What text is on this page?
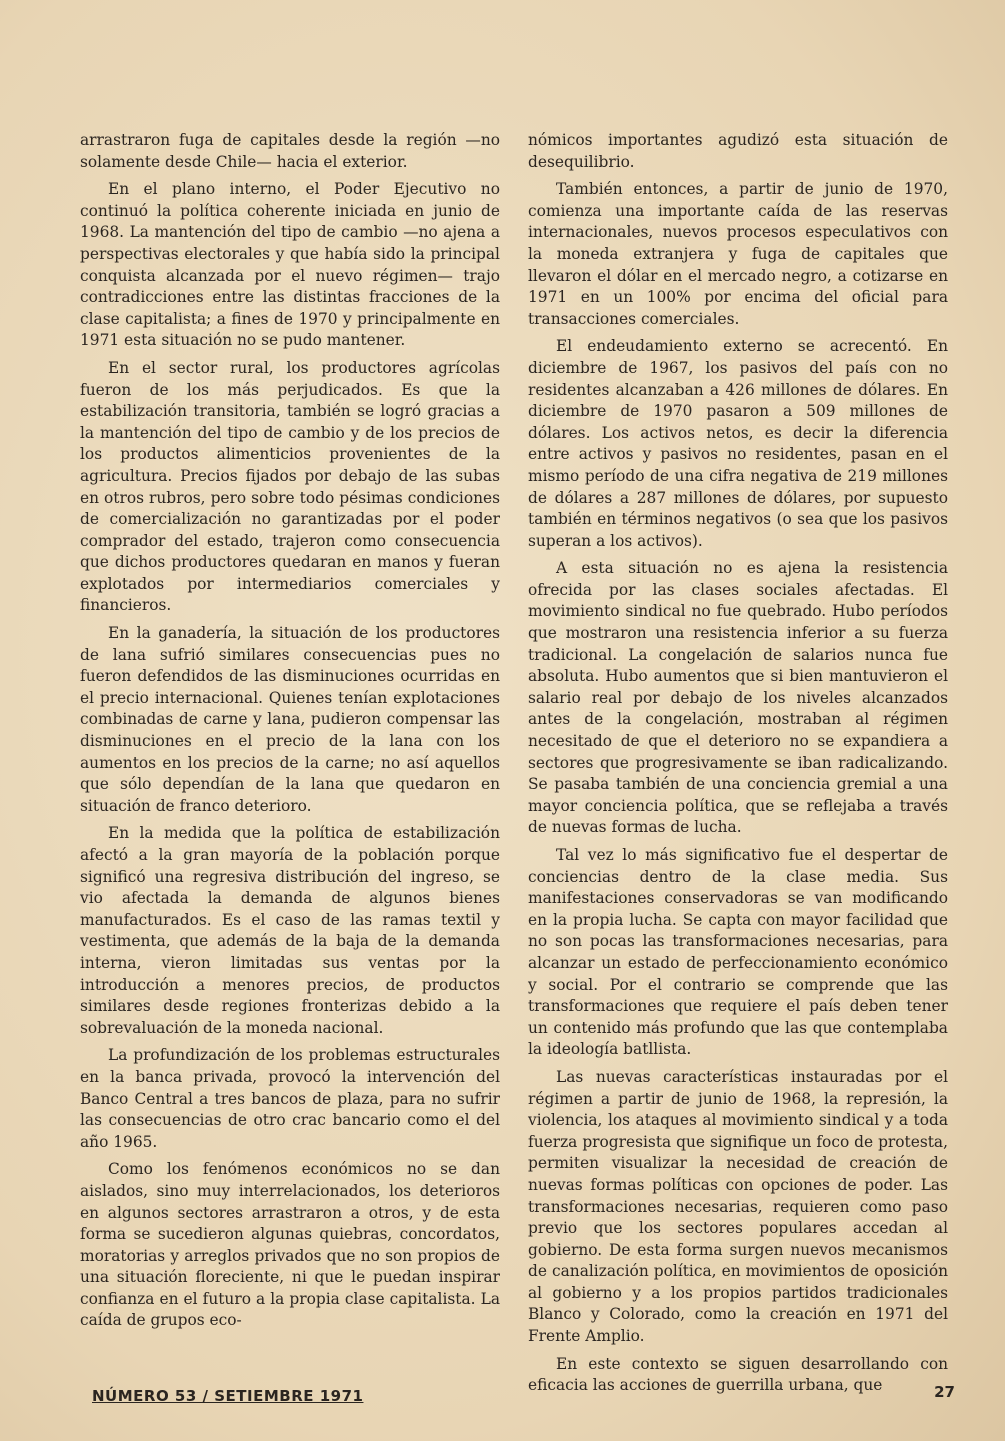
arrastraron fuga de capitales desde la región —no solamente desde Chile— hacia el exterior.

En el plano interno, el Poder Ejecutivo no continuó la política coherente iniciada en junio de 1968. La mantención del tipo de cambio —no ajena a perspectivas electorales y que había sido la principal conquista alcanzada por el nuevo régimen— trajo contradicciones entre las distintas fracciones de la clase capitalista; a fines de 1970 y principalmente en 1971 esta situación no se pudo mantener.

En el sector rural, los productores agrícolas fueron de los más perjudicados. Es que la estabilización transitoria, también se logró gracias a la mantención del tipo de cambio y de los precios de los productos alimenticios provenientes de la agricultura. Precios fijados por debajo de las subas en otros rubros, pero sobre todo pésimas condiciones de comercialización no garantizadas por el poder comprador del estado, trajeron como consecuencia que dichos productores quedaran en manos y fueran explotados por intermediarios comerciales y financieros.

En la ganadería, la situación de los productores de lana sufrió similares consecuencias pues no fueron defendidos de las disminuciones ocurridas en el precio internacional. Quienes tenían explotaciones combinadas de carne y lana, pudieron compensar las disminuciones en el precio de la lana con los aumentos en los precios de la carne; no así aquellos que sólo dependían de la lana que quedaron en situación de franco deterioro.

En la medida que la política de estabilización afectó a la gran mayoría de la población porque significó una regresiva distribución del ingreso, se vio afectada la demanda de algunos bienes manufacturados. Es el caso de las ramas textil y vestimenta, que además de la baja de la demanda interna, vieron limitadas sus ventas por la introducción a menores precios, de productos similares desde regiones fronterizas debido a la sobrevaluación de la moneda nacional.

La profundización de los problemas estructurales en la banca privada, provocó la intervención del Banco Central a tres bancos de plaza, para no sufrir las consecuencias de otro crac bancario como el del año 1965.

Como los fenómenos económicos no se dan aislados, sino muy interrelacionados, los deterioros en algunos sectores arrastraron a otros, y de esta forma se sucedieron algunas quiebras, concordatos, moratorias y arreglos privados que no son propios de una situación floreciente, ni que le puedan inspirar confianza en el futuro a la propia clase capitalista. La caída de grupos eco-

nómicos importantes agudizó esta situación de desequilibrio.

También entonces, a partir de junio de 1970, comienza una importante caída de las reservas internacionales, nuevos procesos especulativos con la moneda extranjera y fuga de capitales que llevaron el dólar en el mercado negro, a cotizarse en 1971 en un 100% por encima del oficial para transacciones comerciales.

El endeudamiento externo se acrecentó. En diciembre de 1967, los pasivos del país con no residentes alcanzaban a 426 millones de dólares. En diciembre de 1970 pasaron a 509 millones de dólares. Los activos netos, es decir la diferencia entre activos y pasivos no residentes, pasan en el mismo período de una cifra negativa de 219 millones de dólares a 287 millones de dólares, por supuesto también en términos negativos (o sea que los pasivos superan a los activos).

A esta situación no es ajena la resistencia ofrecida por las clases sociales afectadas. El movimiento sindical no fue quebrado. Hubo períodos que mostraron una resistencia inferior a su fuerza tradicional. La congelación de salarios nunca fue absoluta. Hubo aumentos que si bien mantuvieron el salario real por debajo de los niveles alcanzados antes de la congelación, mostraban al régimen necesitado de que el deterioro no se expandiera a sectores que progresivamente se iban radicalizando. Se pasaba también de una conciencia gremial a una mayor conciencia política, que se reflejaba a través de nuevas formas de lucha.

Tal vez lo más significativo fue el despertar de conciencias dentro de la clase media. Sus manifestaciones conservadoras se van modificando en la propia lucha. Se capta con mayor facilidad que no son pocas las transformaciones necesarias, para alcanzar un estado de perfeccionamiento económico y social. Por el contrario se comprende que las transformaciones que requiere el país deben tener un contenido más profundo que las que contemplaba la ideología batllista.

Las nuevas características instauradas por el régimen a partir de junio de 1968, la represión, la violencia, los ataques al movimiento sindical y a toda fuerza progresista que signifique un foco de protesta, permiten visualizar la necesidad de creación de nuevas formas políticas con opciones de poder. Las transformaciones necesarias, requieren como paso previo que los sectores populares accedan al gobierno. De esta forma surgen nuevos mecanismos de canalización política, en movimientos de oposición al gobierno y a los propios partidos tradicionales Blanco y Colorado, como la creación en 1971 del Frente Amplio.

En este contexto se siguen desarrollando con eficacia las acciones de guerrilla urbana, que

NÚMERO 53 / SETIEMBRE 1971	27
